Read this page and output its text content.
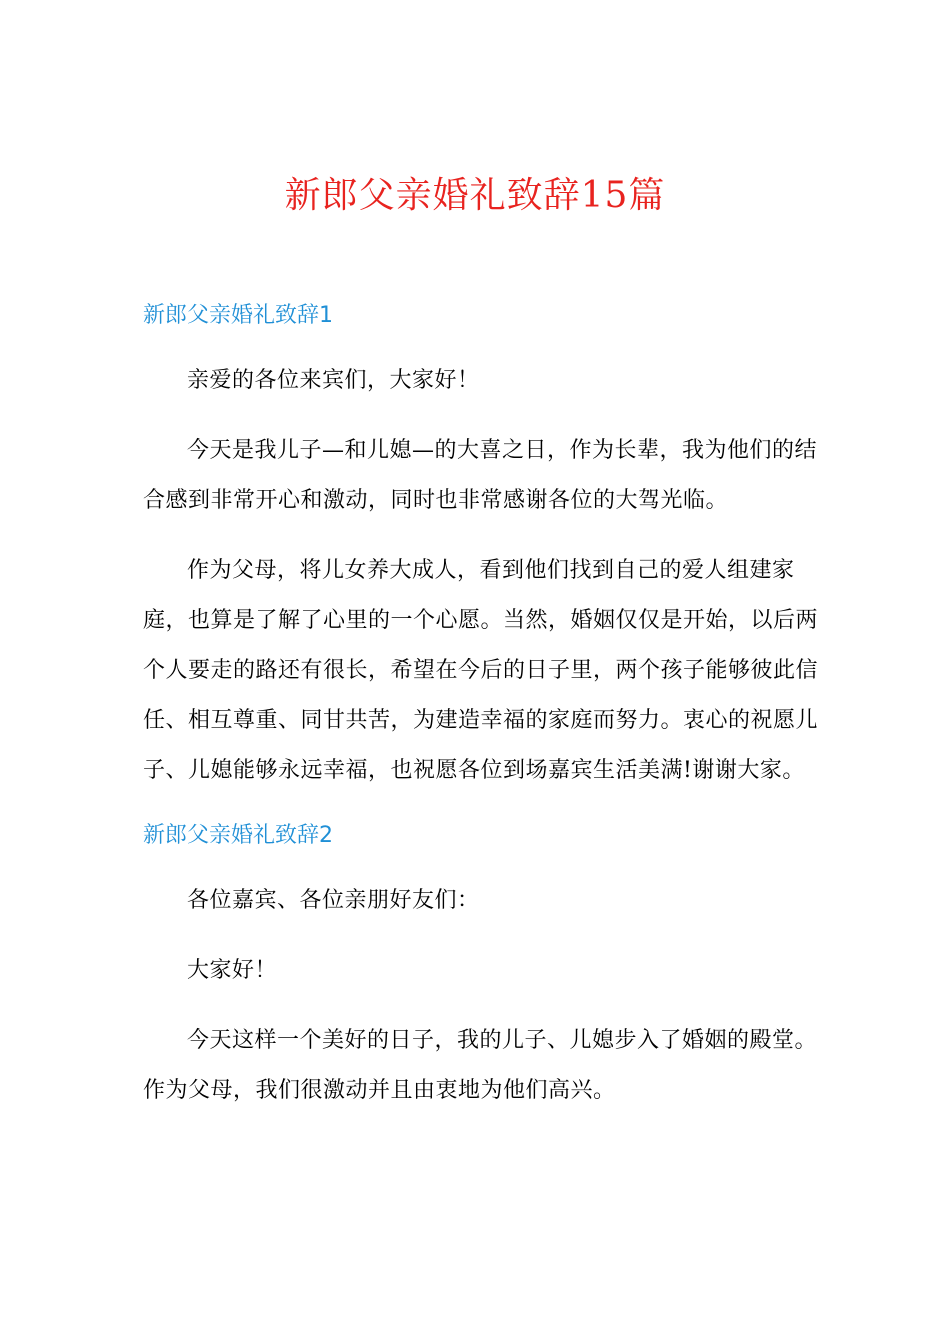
新郎父亲婚礼致辞15篇
新郎父亲婚礼致辞1

亲爱的各位来宾们，大家好！

今天是我儿子—和儿媳—的大喜之日，作为长辈，我为他们的结合感到非常开心和激动，同时也非常感谢各位的大驾光临。

作为父母，将儿女养大成人，看到他们找到自己的爱人组建家庭，也算是了解了心里的一个心愿。当然，婚姻仅仅是开始，以后两个人要走的路还有很长，希望在今后的日子里，两个孩子能够彼此信任、相互尊重、同甘共苦，为建造幸福的家庭而努力。衷心的祝愿儿子、儿媳能够永远幸福，也祝愿各位到场嘉宾生活美满!谢谢大家。

新郎父亲婚礼致辞2

各位嘉宾、各位亲朋好友们：

大家好！

今天这样一个美好的日子，我的儿子、儿媳步入了婚姻的殿堂。作为父母，我们很激动并且由衷地为他们高兴。
